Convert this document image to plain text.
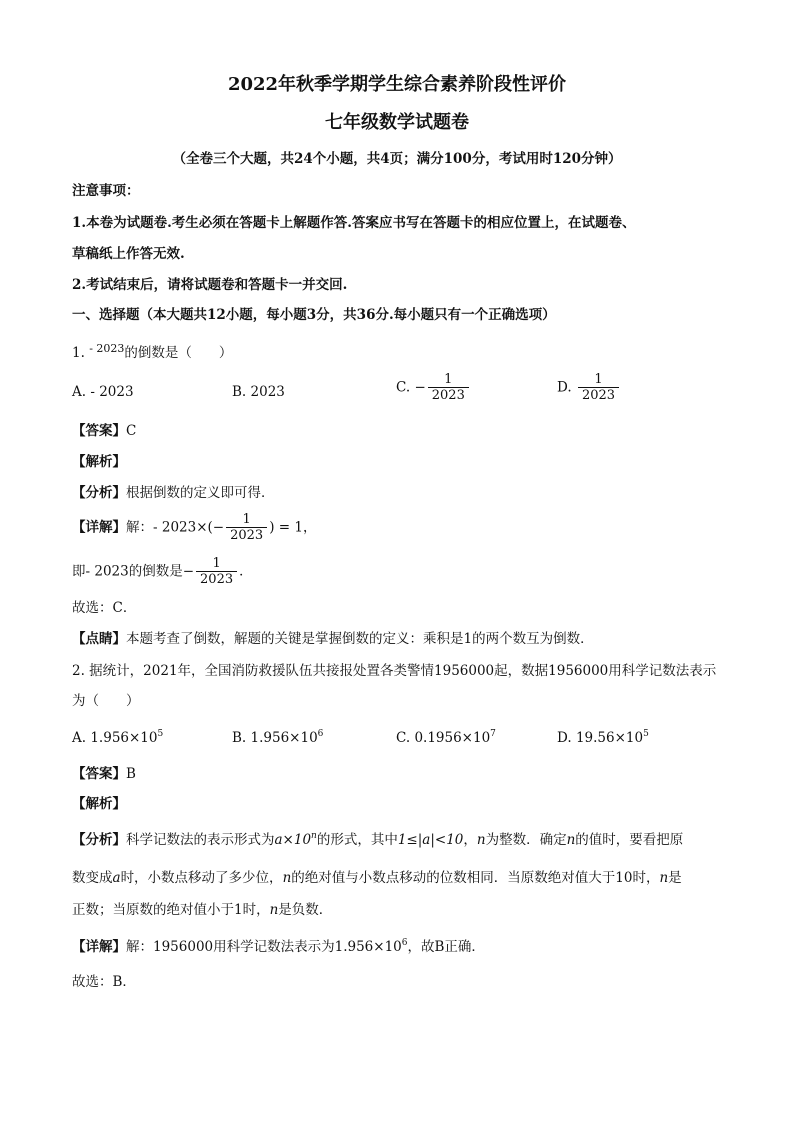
2022年秋季学期学生综合素养阶段性评价
七年级数学试题卷
（全卷三个大题，共24个小题，共4页；满分100分，考试用时120分钟）
注意事项：
1.本卷为试题卷.考生必须在答题卡上解题作答.答案应书写在答题卡的相应位置上，在试题卷、
草稿纸上作答无效.
2.考试结束后，请将试题卷和答题卡一并交回.
一、选择题（本大题共12小题，每小题3分，共36分.每小题只有一个正确选项）
1. $^{- 2023}$的倒数是（　　）
A. - 2023	B. 2023	C. − $\frac{1}{2023}$	D. $\frac{1}{2023}$
【答案】C
【解析】
【分析】根据倒数的定义即可得．
【详解】解：- $2023\times(- \frac{1}{2023}$ ) = 1，
即- 2023的倒数是− $\frac{1}{2023}$ ．
故选：C．
【点睛】本题考查了倒数，解题的关键是掌握倒数的定义：乘积是1的两个数互为倒数．
2. 据统计，2021年，全国消防救援队伍共接报处置各类警情1956000起，数据1956000用科学记数法表示
为（　　）
A. $1.956\times 10^5$	B. $1.956\times 10^6$	C. $0.1956\times 10^7$	D. $19.56\times 10^5$
【答案】B
【解析】
【分析】科学记数法的表示形式为$a\times 10^n$的形式，其中1≤|a|<10，n为整数．确定n的值时，要看把原
数变成a时，小数点移动了多少位，n的绝对值与小数点移动的位数相同．当原数绝对值大于10时，n是
正数；当原数的绝对值小于1时，n是负数．
【详解】解：1956000用科学记数法表示为$1.956\times 10^6$，故B正确．
故选：B．
